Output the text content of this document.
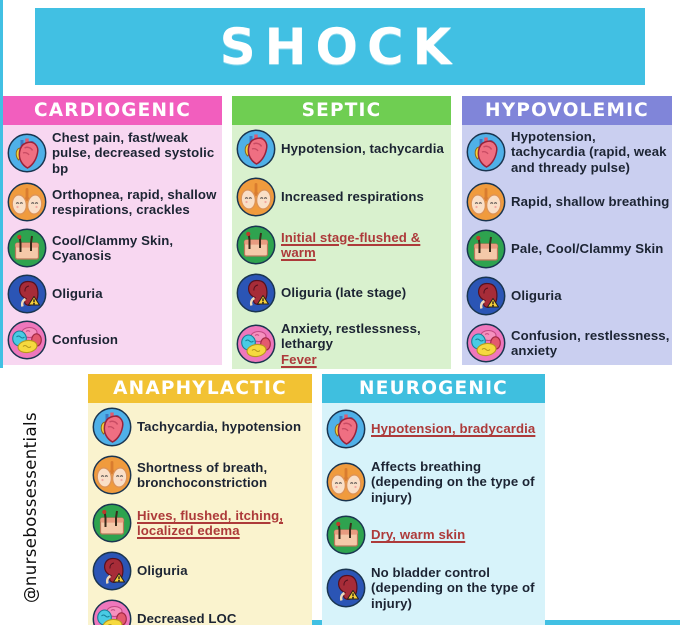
SHOCK
CARDIOGENIC
Chest pain, fast/weak pulse, decreased systolic bp
Orthopnea, rapid, shallow respirations, crackles
Cool/Clammy Skin, Cyanosis
Oliguria
Confusion
SEPTIC
Hypotension, tachycardia
Increased respirations
Initial stage-flushed & warm
Oliguria (late stage)
Anxiety, restlessness, lethargy
Fever
HYPOVOLEMIC
Hypotension, tachycardia (rapid, weak and thready pulse)
Rapid, shallow breathing
Pale, Cool/Clammy Skin
Oliguria
Confusion, restlessness, anxiety
ANAPHYLACTIC
Tachycardia, hypotension
Shortness of breath, bronchoconstriction
Hives, flushed, itching, localized edema
Oliguria
Decreased LOC
NEUROGENIC
Hypotension, bradycardia
Affects breathing (depending on the type of injury)
Dry, warm skin
No bladder control (depending on the type of injury)
@nursebossessentials
